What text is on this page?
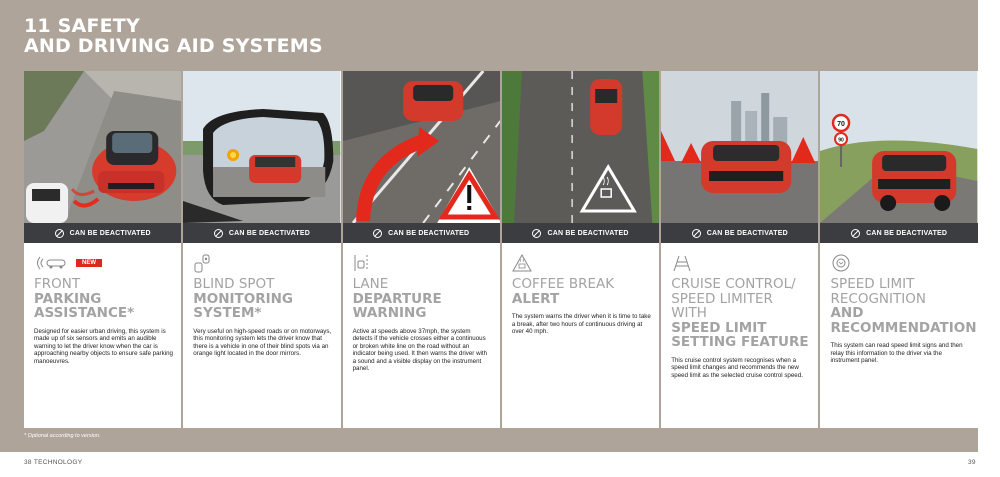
11 SAFETY
AND DRIVING AID SYSTEMS
CAN BE DEACTIVATED
NEW
FRONT
PARKING ASSISTANCE*
Designed for easier urban driving, this system is made up of six sensors and emits an audible warning to let the driver know when the car is approaching nearby objects to ensure safe parking manoeuvres.
CAN BE DEACTIVATED
BLIND SPOT
MONITORING SYSTEM*
Very useful on high-speed roads or on motorways, this monitoring system lets the driver know that there is a vehicle in one of their blind spots via an orange light located in the door mirrors.
CAN BE DEACTIVATED
LANE
DEPARTURE WARNING
Active at speeds above 37mph, the system detects if the vehicle crosses either a continuous or broken white line on the road without an indicator being used. It then warns the driver with a sound and a visible display on the instrument panel.
CAN BE DEACTIVATED
COFFEE BREAK
ALERT
The system warns the driver when it is time to take a break, after two hours of continuous driving at over 40 mph.
CAN BE DEACTIVATED
CRUISE CONTROL/ SPEED LIMITER WITH
SPEED LIMIT SETTING FEATURE
This cruise control system recognises when a speed limit changes and recommends the new speed limit as the selected cruise control speed.
70
90
CAN BE DEACTIVATED
SPEED LIMIT RECOGNITION
AND RECOMMENDATION
This system can read speed limit signs and then relay this information to the driver via the instrument panel.
* Optional according to version.
38 TECHNOLOGY	39
